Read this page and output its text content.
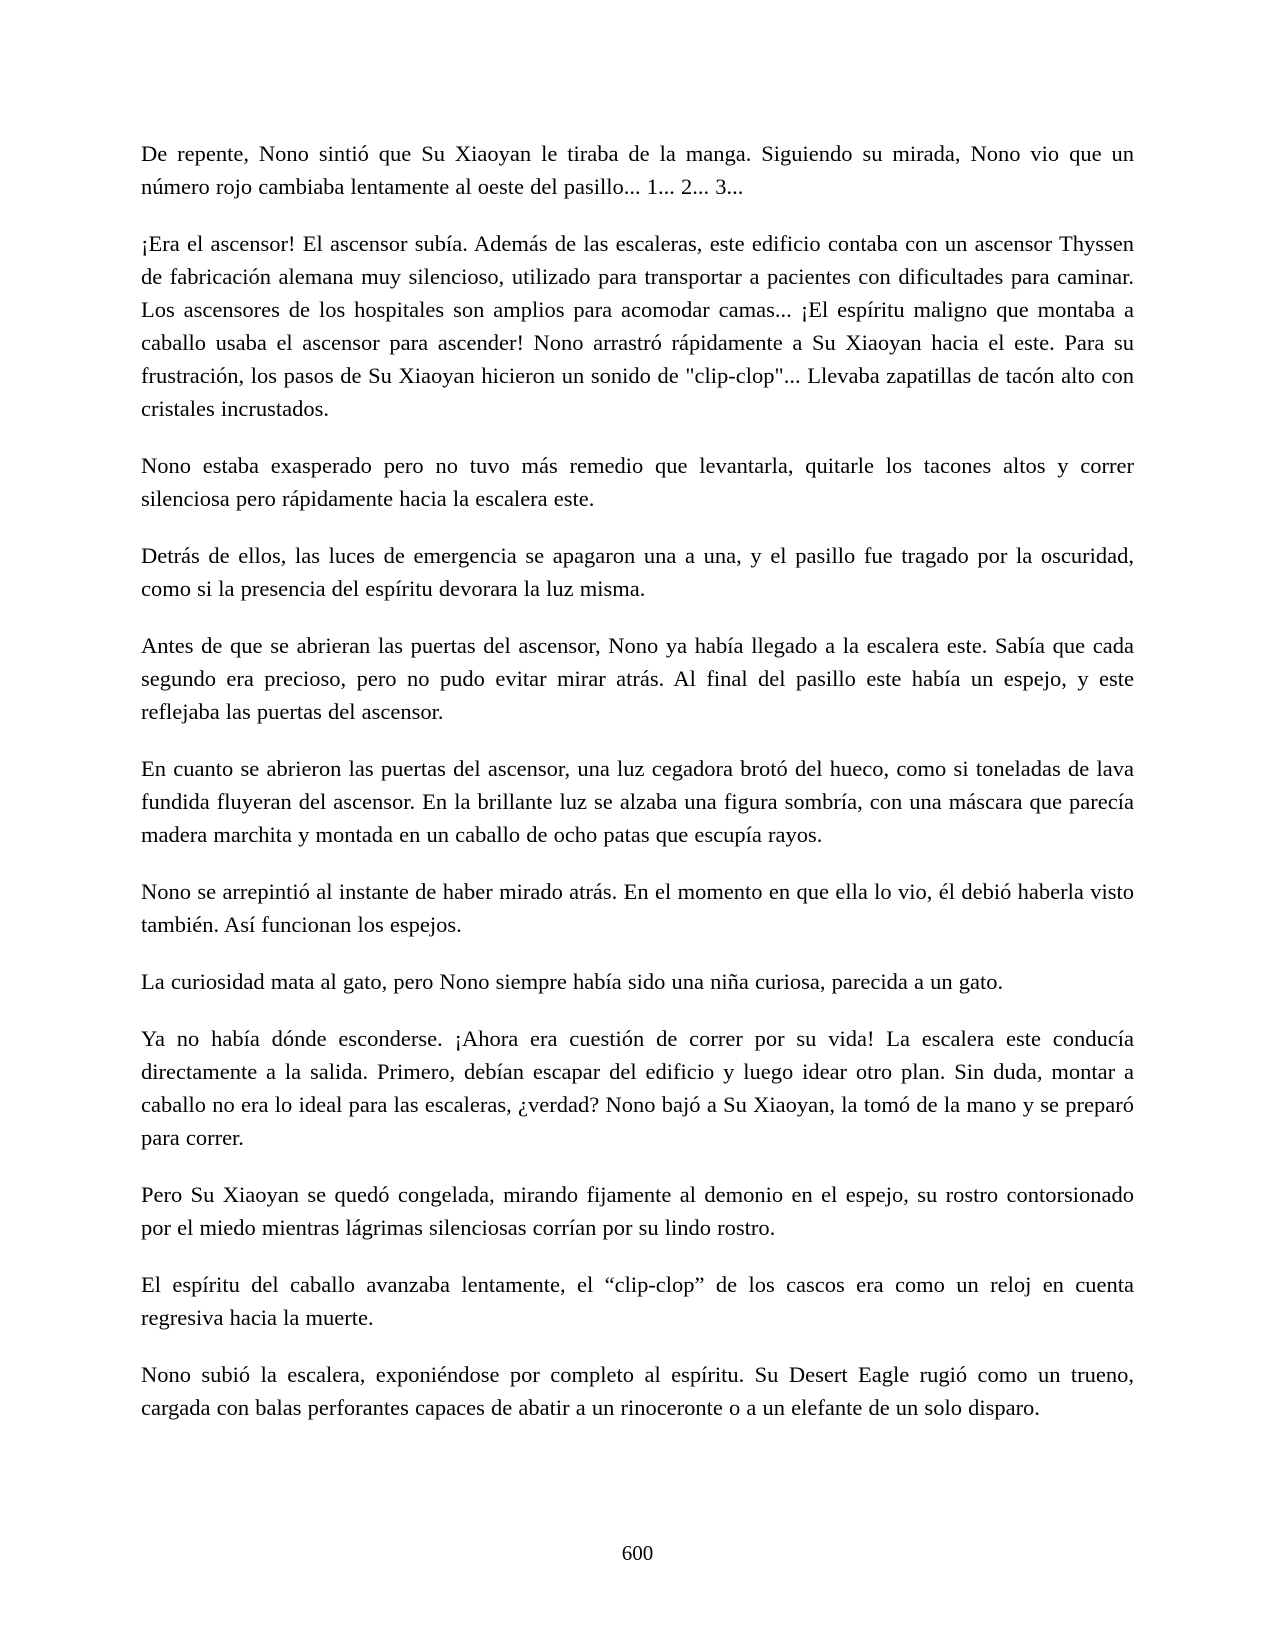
De repente, Nono sintió que Su Xiaoyan le tiraba de la manga. Siguiendo su mirada, Nono vio que un número rojo cambiaba lentamente al oeste del pasillo... 1... 2... 3...

¡Era el ascensor! El ascensor subía. Además de las escaleras, este edificio contaba con un ascensor Thyssen de fabricación alemana muy silencioso, utilizado para transportar a pacientes con dificultades para caminar. Los ascensores de los hospitales son amplios para acomodar camas... ¡El espíritu maligno que montaba a caballo usaba el ascensor para ascender! Nono arrastró rápidamente a Su Xiaoyan hacia el este. Para su frustración, los pasos de Su Xiaoyan hicieron un sonido de "clip-clop"... Llevaba zapatillas de tacón alto con cristales incrustados.

Nono estaba exasperado pero no tuvo más remedio que levantarla, quitarle los tacones altos y correr silenciosa pero rápidamente hacia la escalera este.

Detrás de ellos, las luces de emergencia se apagaron una a una, y el pasillo fue tragado por la oscuridad, como si la presencia del espíritu devorara la luz misma.

Antes de que se abrieran las puertas del ascensor, Nono ya había llegado a la escalera este. Sabía que cada segundo era precioso, pero no pudo evitar mirar atrás. Al final del pasillo este había un espejo, y este reflejaba las puertas del ascensor.

En cuanto se abrieron las puertas del ascensor, una luz cegadora brotó del hueco, como si toneladas de lava fundida fluyeran del ascensor. En la brillante luz se alzaba una figura sombría, con una máscara que parecía madera marchita y montada en un caballo de ocho patas que escupía rayos.

Nono se arrepintió al instante de haber mirado atrás. En el momento en que ella lo vio, él debió haberla visto también. Así funcionan los espejos.

La curiosidad mata al gato, pero Nono siempre había sido una niña curiosa, parecida a un gato.

Ya no había dónde esconderse. ¡Ahora era cuestión de correr por su vida! La escalera este conducía directamente a la salida. Primero, debían escapar del edificio y luego idear otro plan. Sin duda, montar a caballo no era lo ideal para las escaleras, ¿verdad? Nono bajó a Su Xiaoyan, la tomó de la mano y se preparó para correr.

Pero Su Xiaoyan se quedó congelada, mirando fijamente al demonio en el espejo, su rostro contorsionado por el miedo mientras lágrimas silenciosas corrían por su lindo rostro.

El espíritu del caballo avanzaba lentamente, el “clip-clop” de los cascos era como un reloj en cuenta regresiva hacia la muerte.

Nono subió la escalera, exponiéndose por completo al espíritu. Su Desert Eagle rugió como un trueno, cargada con balas perforantes capaces de abatir a un rinoceronte o a un elefante de un solo disparo.

600
